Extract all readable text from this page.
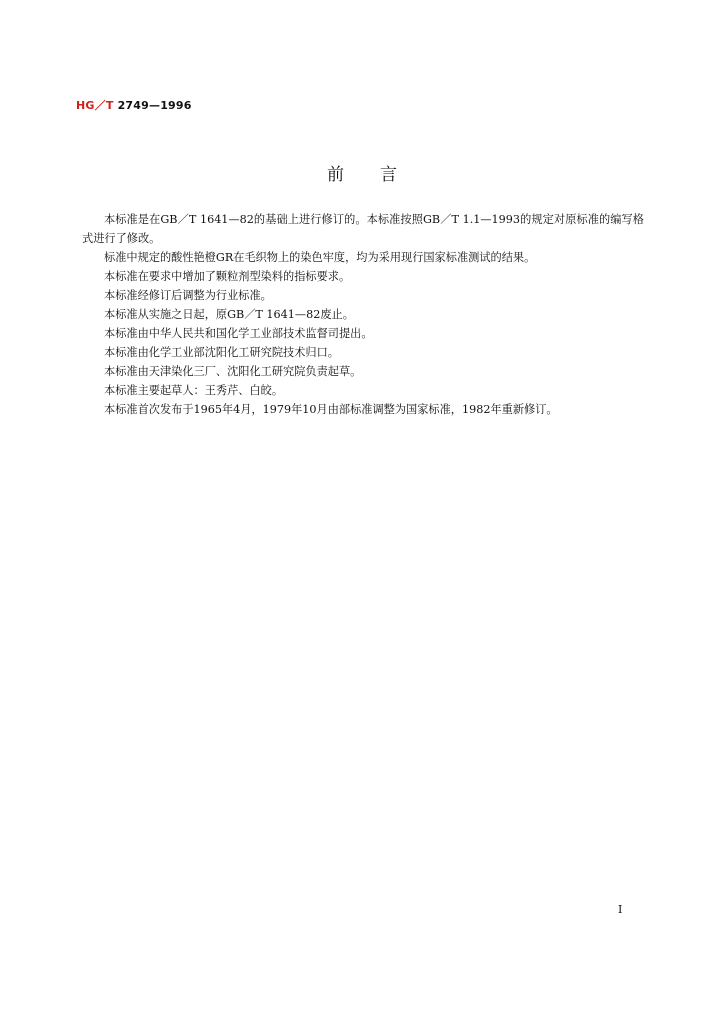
HG／T 2749—1996
前言

本标准是在GB／T 1641—82的基础上进行修订的。本标准按照GB／T 1.1—1993的规定对原标准的编写格式进行了修改。

标准中规定的酸性艳橙GR在毛织物上的染色牢度，均为采用现行国家标准测试的结果。

本标准在要求中增加了颗粒剂型染料的指标要求。

本标准经修订后调整为行业标准。

本标准从实施之日起，原GB／T 1641—82废止。

本标准由中华人民共和国化学工业部技术监督司提出。

本标准由化学工业部沈阳化工研究院技术归口。

本标准由天津染化三厂、沈阳化工研究院负责起草。

本标准主要起草人：王秀芹、白皎。

本标准首次发布于1965年4月，1979年10月由部标准调整为国家标准，1982年重新修订。

I
